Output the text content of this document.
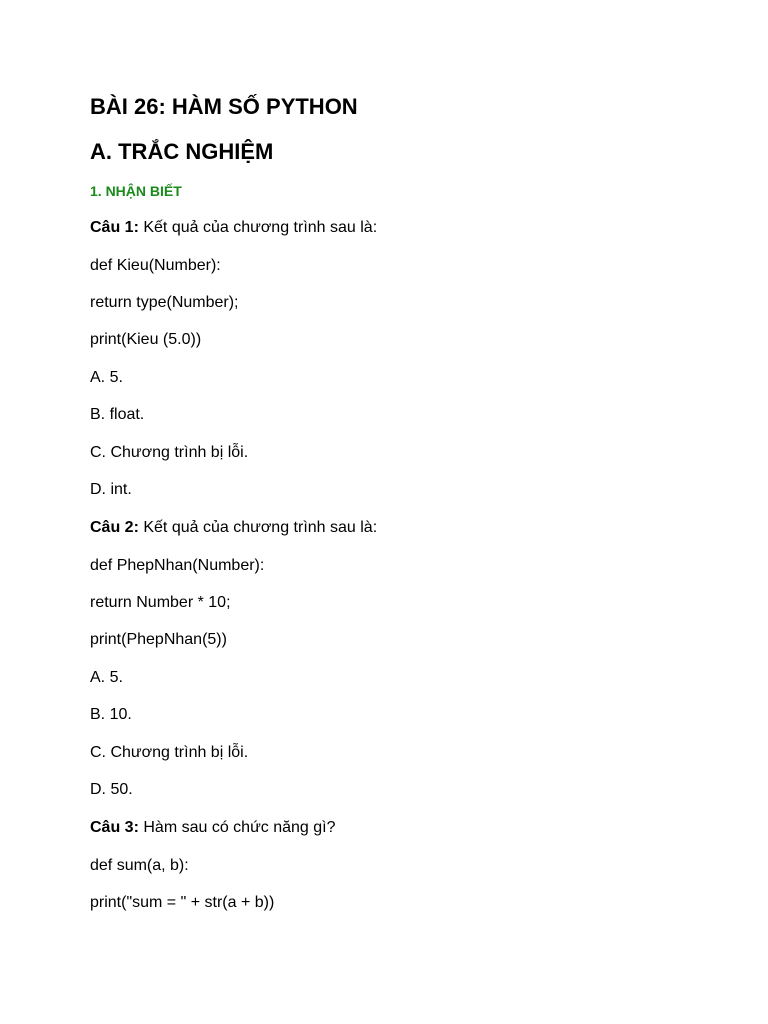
BÀI 26: HÀM SỐ PYTHON
A. TRẮC NGHIỆM
1. NHẬN BIẾT
Câu 1: Kết quả của chương trình sau là:
def Kieu(Number):
return type(Number);
print(Kieu (5.0))
A. 5.
B. float.
C. Chương trình bị lỗi.
D. int.
Câu 2: Kết quả của chương trình sau là:
def PhepNhan(Number):
return Number * 10;
print(PhepNhan(5))
A. 5.
B. 10.
C. Chương trình bị lỗi.
D. 50.
Câu 3: Hàm sau có chức năng gì?
def sum(a, b):
print("sum = " + str(a + b))
